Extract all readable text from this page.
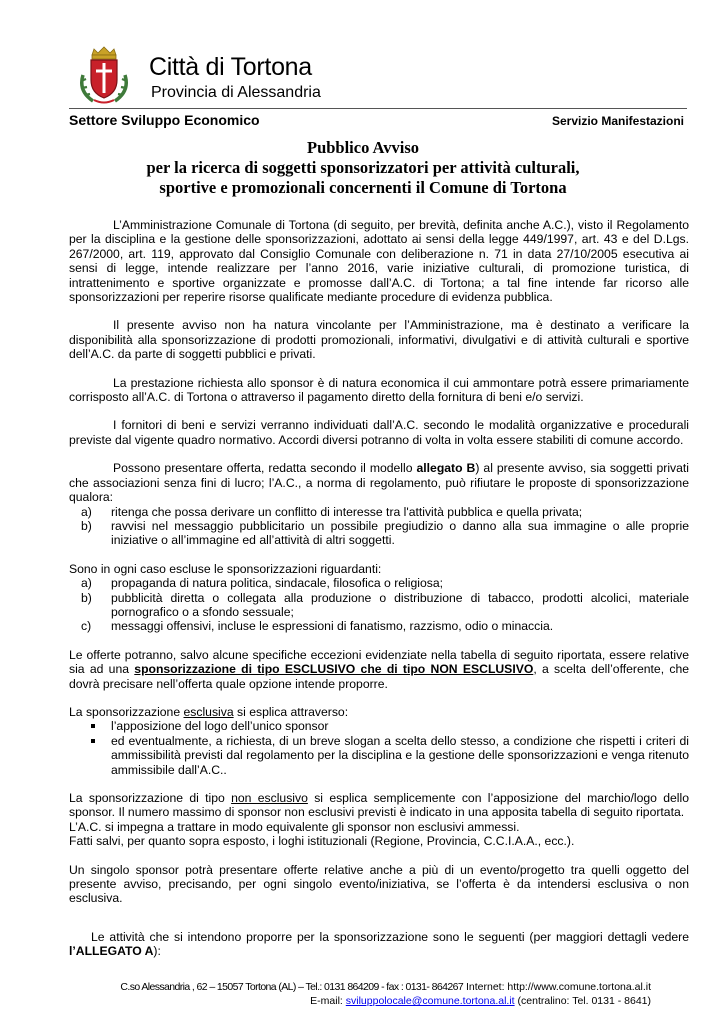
Città di Tortona
Provincia di Alessandria
Settore Sviluppo Economico	Servizio Manifestazioni
Pubblico Avviso
per la ricerca di soggetti sponsorizzatori per attività culturali,
sportive e promozionali concernenti il Comune di Tortona

L’Amministrazione Comunale di Tortona (di seguito, per brevità, definita anche A.C.), visto il Regolamento per la disciplina e la gestione delle sponsorizzazioni, adottato ai sensi della legge 449/1997, art. 43 e del D.Lgs. 267/2000, art. 119, approvato dal Consiglio Comunale con deliberazione n. 71 in data 27/10/2005 esecutiva ai sensi di legge, intende realizzare per l’anno 2016, varie iniziative culturali, di promozione turistica, di intrattenimento e sportive organizzate e promosse dall’A.C. di Tortona; a tal fine intende far ricorso alle sponsorizzazioni per reperire risorse qualificate mediante procedure di evidenza pubblica.

Il presente avviso non ha natura vincolante per l’Amministrazione, ma è destinato a verificare la disponibilità alla sponsorizzazione di prodotti promozionali, informativi, divulgativi e di attività culturali e sportive dell’A.C. da parte di soggetti pubblici e privati.

La prestazione richiesta allo sponsor è di natura economica il cui ammontare potrà essere primariamente corrisposto all’A.C. di Tortona o attraverso il pagamento diretto della fornitura di beni e/o servizi.

I fornitori di beni e servizi verranno individuati dall’A.C. secondo le modalità organizzative e procedurali previste dal vigente quadro normativo. Accordi diversi potranno di volta in volta essere stabiliti di comune accordo.

Possono presentare offerta, redatta secondo il modello allegato B) al presente avviso, sia soggetti privati che associazioni senza fini di lucro; l’A.C., a norma di regolamento, può rifiutare le proposte di sponsorizzazione qualora:

a) ritenga che possa derivare un conflitto di interesse tra l'attività pubblica e quella privata;
b) ravvisi nel messaggio pubblicitario un possibile pregiudizio o danno alla sua immagine o alle proprie iniziative o all’immagine ed all’attività di altri soggetti.

Sono in ogni caso escluse le sponsorizzazioni riguardanti:

a) propaganda di natura politica, sindacale, filosofica o religiosa;
b) pubblicità diretta o collegata alla produzione o distribuzione di tabacco, prodotti alcolici, materiale pornografico o a sfondo sessuale;
c) messaggi offensivi, incluse le espressioni di fanatismo, razzismo, odio o minaccia.

Le offerte potranno, salvo alcune specifiche eccezioni evidenziate nella tabella di seguito riportata, essere relative sia ad una sponsorizzazione di tipo ESCLUSIVO che di tipo NON ESCLUSIVO, a scelta dell’offerente, che dovrà precisare nell’offerta quale opzione intende proporre.

La sponsorizzazione esclusiva si esplica attraverso:

l’apposizione del logo dell’unico sponsor
ed eventualmente, a richiesta, di un breve slogan a scelta dello stesso, a condizione che rispetti i criteri di ammissibilità previsti dal regolamento per la disciplina e la gestione delle sponsorizzazioni e venga ritenuto ammissibile dall’A.C..

La sponsorizzazione di tipo non esclusivo si esplica semplicemente con l’apposizione del marchio/logo dello sponsor. Il numero massimo di sponsor non esclusivi previsti è indicato in una apposita tabella di seguito riportata.

L’A.C. si impegna a trattare in modo equivalente gli sponsor non esclusivi ammessi.

Fatti salvi, per quanto sopra esposto, i loghi istituzionali (Regione, Provincia, C.C.I.A.A., ecc.).

Un singolo sponsor potrà presentare offerte relative anche a più di un evento/progetto tra quelli oggetto del presente avviso, precisando, per ogni singolo evento/iniziativa, se l’offerta è da intendersi esclusiva o non esclusiva.

Le attività che si intendono proporre per la sponsorizzazione sono le seguenti (per maggiori dettagli vedere l’ALLEGATO A):

C.so Alessandria , 62 – 15057 Tortona (AL) – Tel.: 0131 864209 - fax : 0131- 864267 Internet: http://www.comune.tortona.al.it
E-mail: sviluppolocale@comune.tortona.al.it (centralino: Tel. 0131 - 8641)
